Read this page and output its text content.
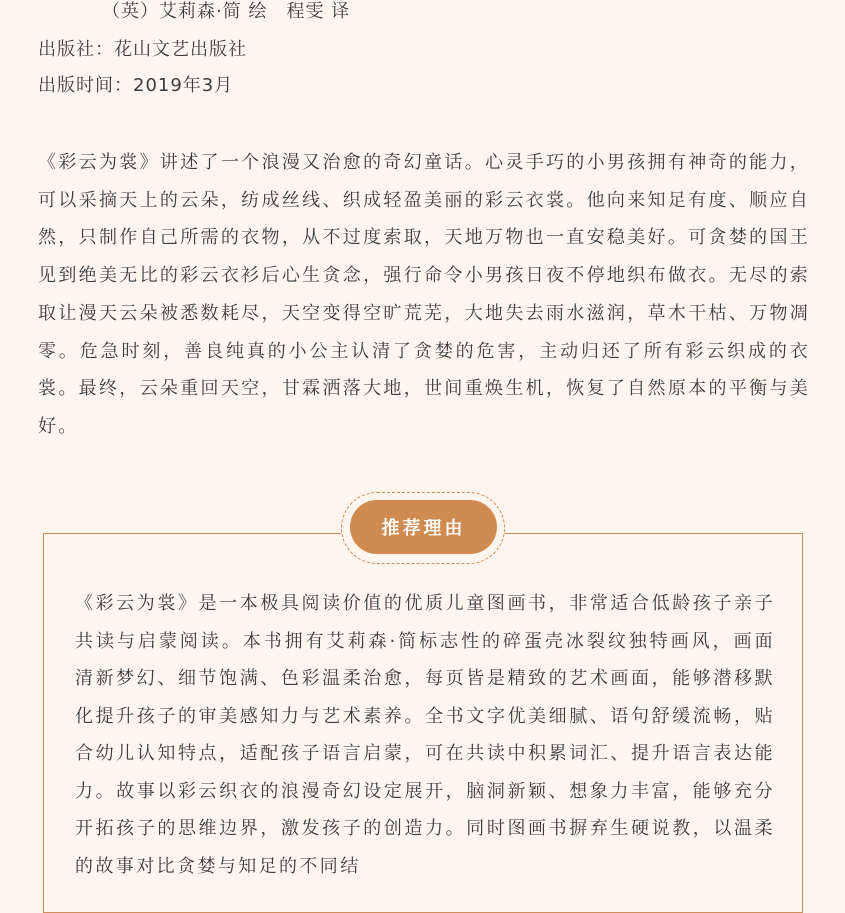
（英）艾莉森·简 绘　程雯 译
出版社：花山文艺出版社
出版时间：2019年3月

《彩云为裳》讲述了一个浪漫又治愈的奇幻童话。心灵手巧的小男孩拥有神奇的能力，可以采摘天上的云朵，纺成丝线、织成轻盈美丽的彩云衣裳。他向来知足有度、顺应自然，只制作自己所需的衣物，从不过度索取，天地万物也一直安稳美好。可贪婪的国王见到绝美无比的彩云衣衫后心生贪念，强行命令小男孩日夜不停地织布做衣。无尽的索取让漫天云朵被悉数耗尽，天空变得空旷荒芜，大地失去雨水滋润，草木干枯、万物凋零。危急时刻，善良纯真的小公主认清了贪婪的危害，主动归还了所有彩云织成的衣裳。最终，云朵重回天空，甘霖洒落大地，世间重焕生机，恢复了自然原本的平衡与美好。

推荐理由

《彩云为裳》是一本极具阅读价值的优质儿童图画书，非常适合低龄孩子亲子共读与启蒙阅读。本书拥有艾莉森·简标志性的碎蛋壳冰裂纹独特画风，画面清新梦幻、细节饱满、色彩温柔治愈，每页皆是精致的艺术画面，能够潜移默化提升孩子的审美感知力与艺术素养。全书文字优美细腻、语句舒缓流畅，贴合幼儿认知特点，适配孩子语言启蒙，可在共读中积累词汇、提升语言表达能力。故事以彩云织衣的浪漫奇幻设定展开，脑洞新颖、想象力丰富，能够充分开拓孩子的思维边界，激发孩子的创造力。同时图画书摒弃生硬说教，以温柔的故事对比贪婪与知足的不同结
